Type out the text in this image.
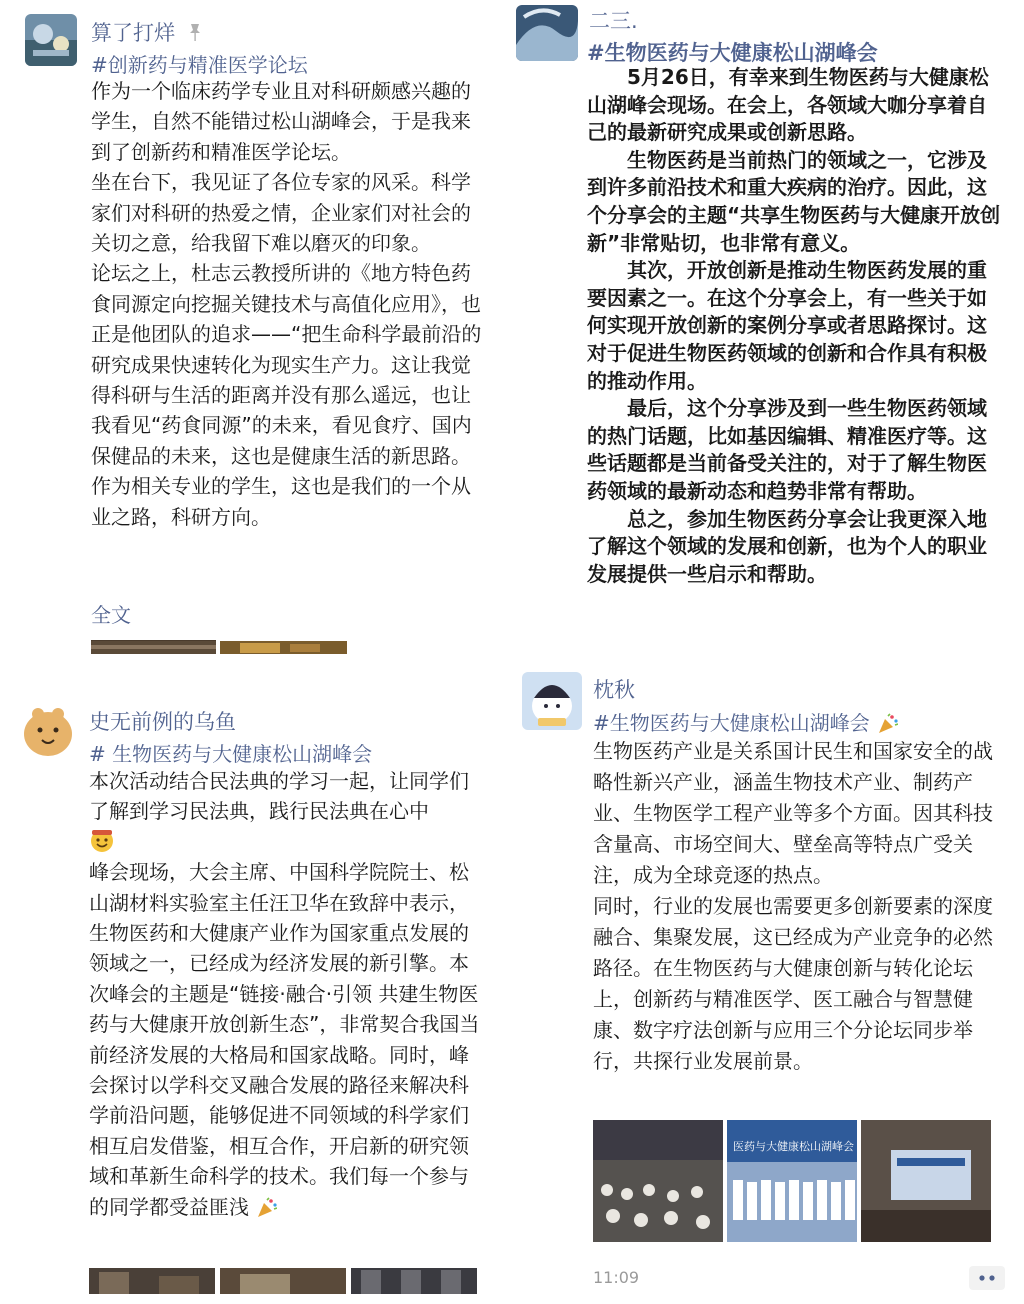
算了打烊
#创新药与精准医学论坛

作为一个临床药学专业且对科研颇感兴趣的学生，自然不能错过松山湖峰会，于是我来到了创新药和精准医学论坛。

坐在台下，我见证了各位专家的风采。科学家们对科研的热爱之情，企业家们对社会的关切之意，给我留下难以磨灭的印象。

论坛之上，杜志云教授所讲的《地方特色药食同源定向挖掘关键技术与高值化应用》，也正是他团队的追求——“把生命科学最前沿的研究成果快速转化为现实生产力。这让我觉得科研与生活的距离并没有那么遥远，也让我看见“药食同源”的未来，看见食疗、国内保健品的未来，这也是健康生活的新思路。作为相关专业的学生，这也是我们的一个从业之路，科研方向。

全文
二三.
#生物医药与大健康松山湖峰会

5月26日，有幸来到生物医药与大健康松山湖峰会现场。在会上，各领域大咖分享着自己的最新研究成果或创新思路。

生物医药是当前热门的领域之一，它涉及到许多前沿技术和重大疾病的治疗。因此，这个分享会的主题“共享生物医药与大健康开放创新”非常贴切，也非常有意义。

其次，开放创新是推动生物医药发展的重要因素之一。在这个分享会上，有一些关于如何实现开放创新的案例分享或者思路探讨。这对于促进生物医药领域的创新和合作具有积极的推动作用。

最后，这个分享涉及到一些生物医药领域的热门话题，比如基因编辑、精准医疗等。这些话题都是当前备受关注的，对于了解生物医药领域的最新动态和趋势非常有帮助。

总之，参加生物医药分享会让我更深入地了解这个领域的发展和创新，也为个人的职业发展提供一些启示和帮助。

史无前例的乌鱼
# 生物医药与大健康松山湖峰会

本次活动结合民法典的学习一起，让同学们了解到学习民法典，践行民法典在心中

峰会现场，大会主席、中国科学院院士、松山湖材料实验室主任汪卫华在致辞中表示，生物医药和大健康产业作为国家重点发展的领域之一，已经成为经济发展的新引擎。本次峰会的主题是“链接·融合·引领 共建生物医药与大健康开放创新生态”，非常契合我国当前经济发展的大格局和国家战略。同时，峰会探讨以学科交叉融合发展的路径来解决科学前沿问题，能够促进不同领域的科学家们相互启发借鉴，相互合作，开启新的研究领域和革新生命科学的技术。我们每一个参与的同学都受益匪浅

枕秋
#生物医药与大健康松山湖峰会

生物医药产业是关系国计民生和国家安全的战略性新兴产业，涵盖生物技术产业、制药产业、生物医学工程产业等多个方面。因其科技含量高、市场空间大、壁垒高等特点广受关注，成为全球竞逐的热点。

同时，行业的发展也需要更多创新要素的深度融合、集聚发展，这已经成为产业竞争的必然路径。在生物医药与大健康创新与转化论坛上，创新药与精准医学、医工融合与智慧健康、数字疗法创新与应用三个分论坛同步举行，共探行业发展前景。

医药与大健康松山湖峰会
11:09
